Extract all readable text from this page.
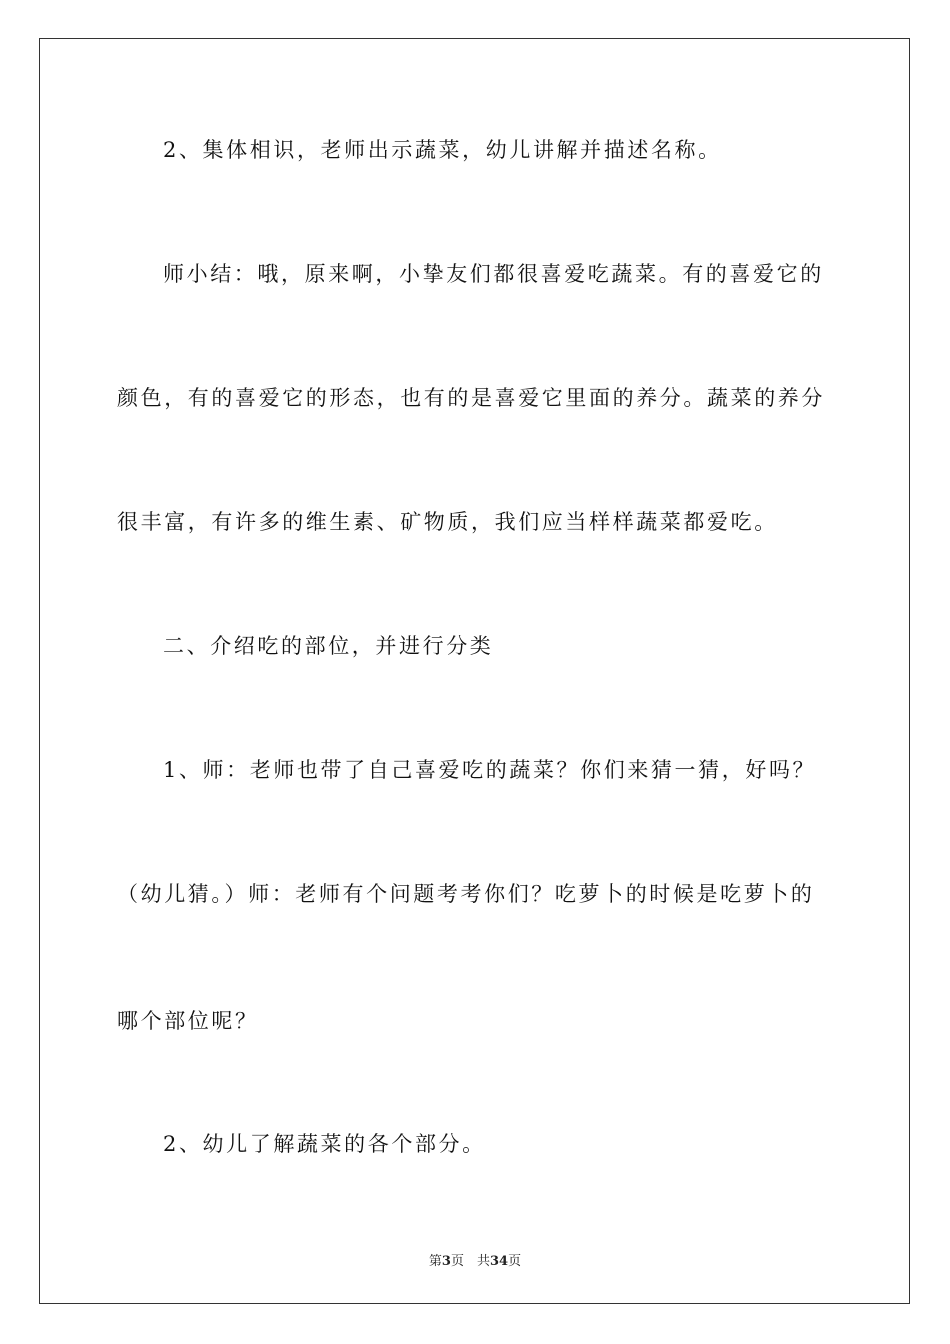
2、集体相识，老师出示蔬菜，幼儿讲解并描述名称。
师小结：哦，原来啊，小挚友们都很喜爱吃蔬菜。有的喜爱它的
颜色，有的喜爱它的形态，也有的是喜爱它里面的养分。蔬菜的养分
很丰富，有许多的维生素、矿物质，我们应当样样蔬菜都爱吃。
二、介绍吃的部位，并进行分类
1、师：老师也带了自己喜爱吃的蔬菜？你们来猜一猜，好吗？
（幼儿猜。）师：老师有个问题考考你们？吃萝卜的时候是吃萝卜的
哪个部位呢？
2、幼儿了解蔬菜的各个部分。
第3页　共34页
